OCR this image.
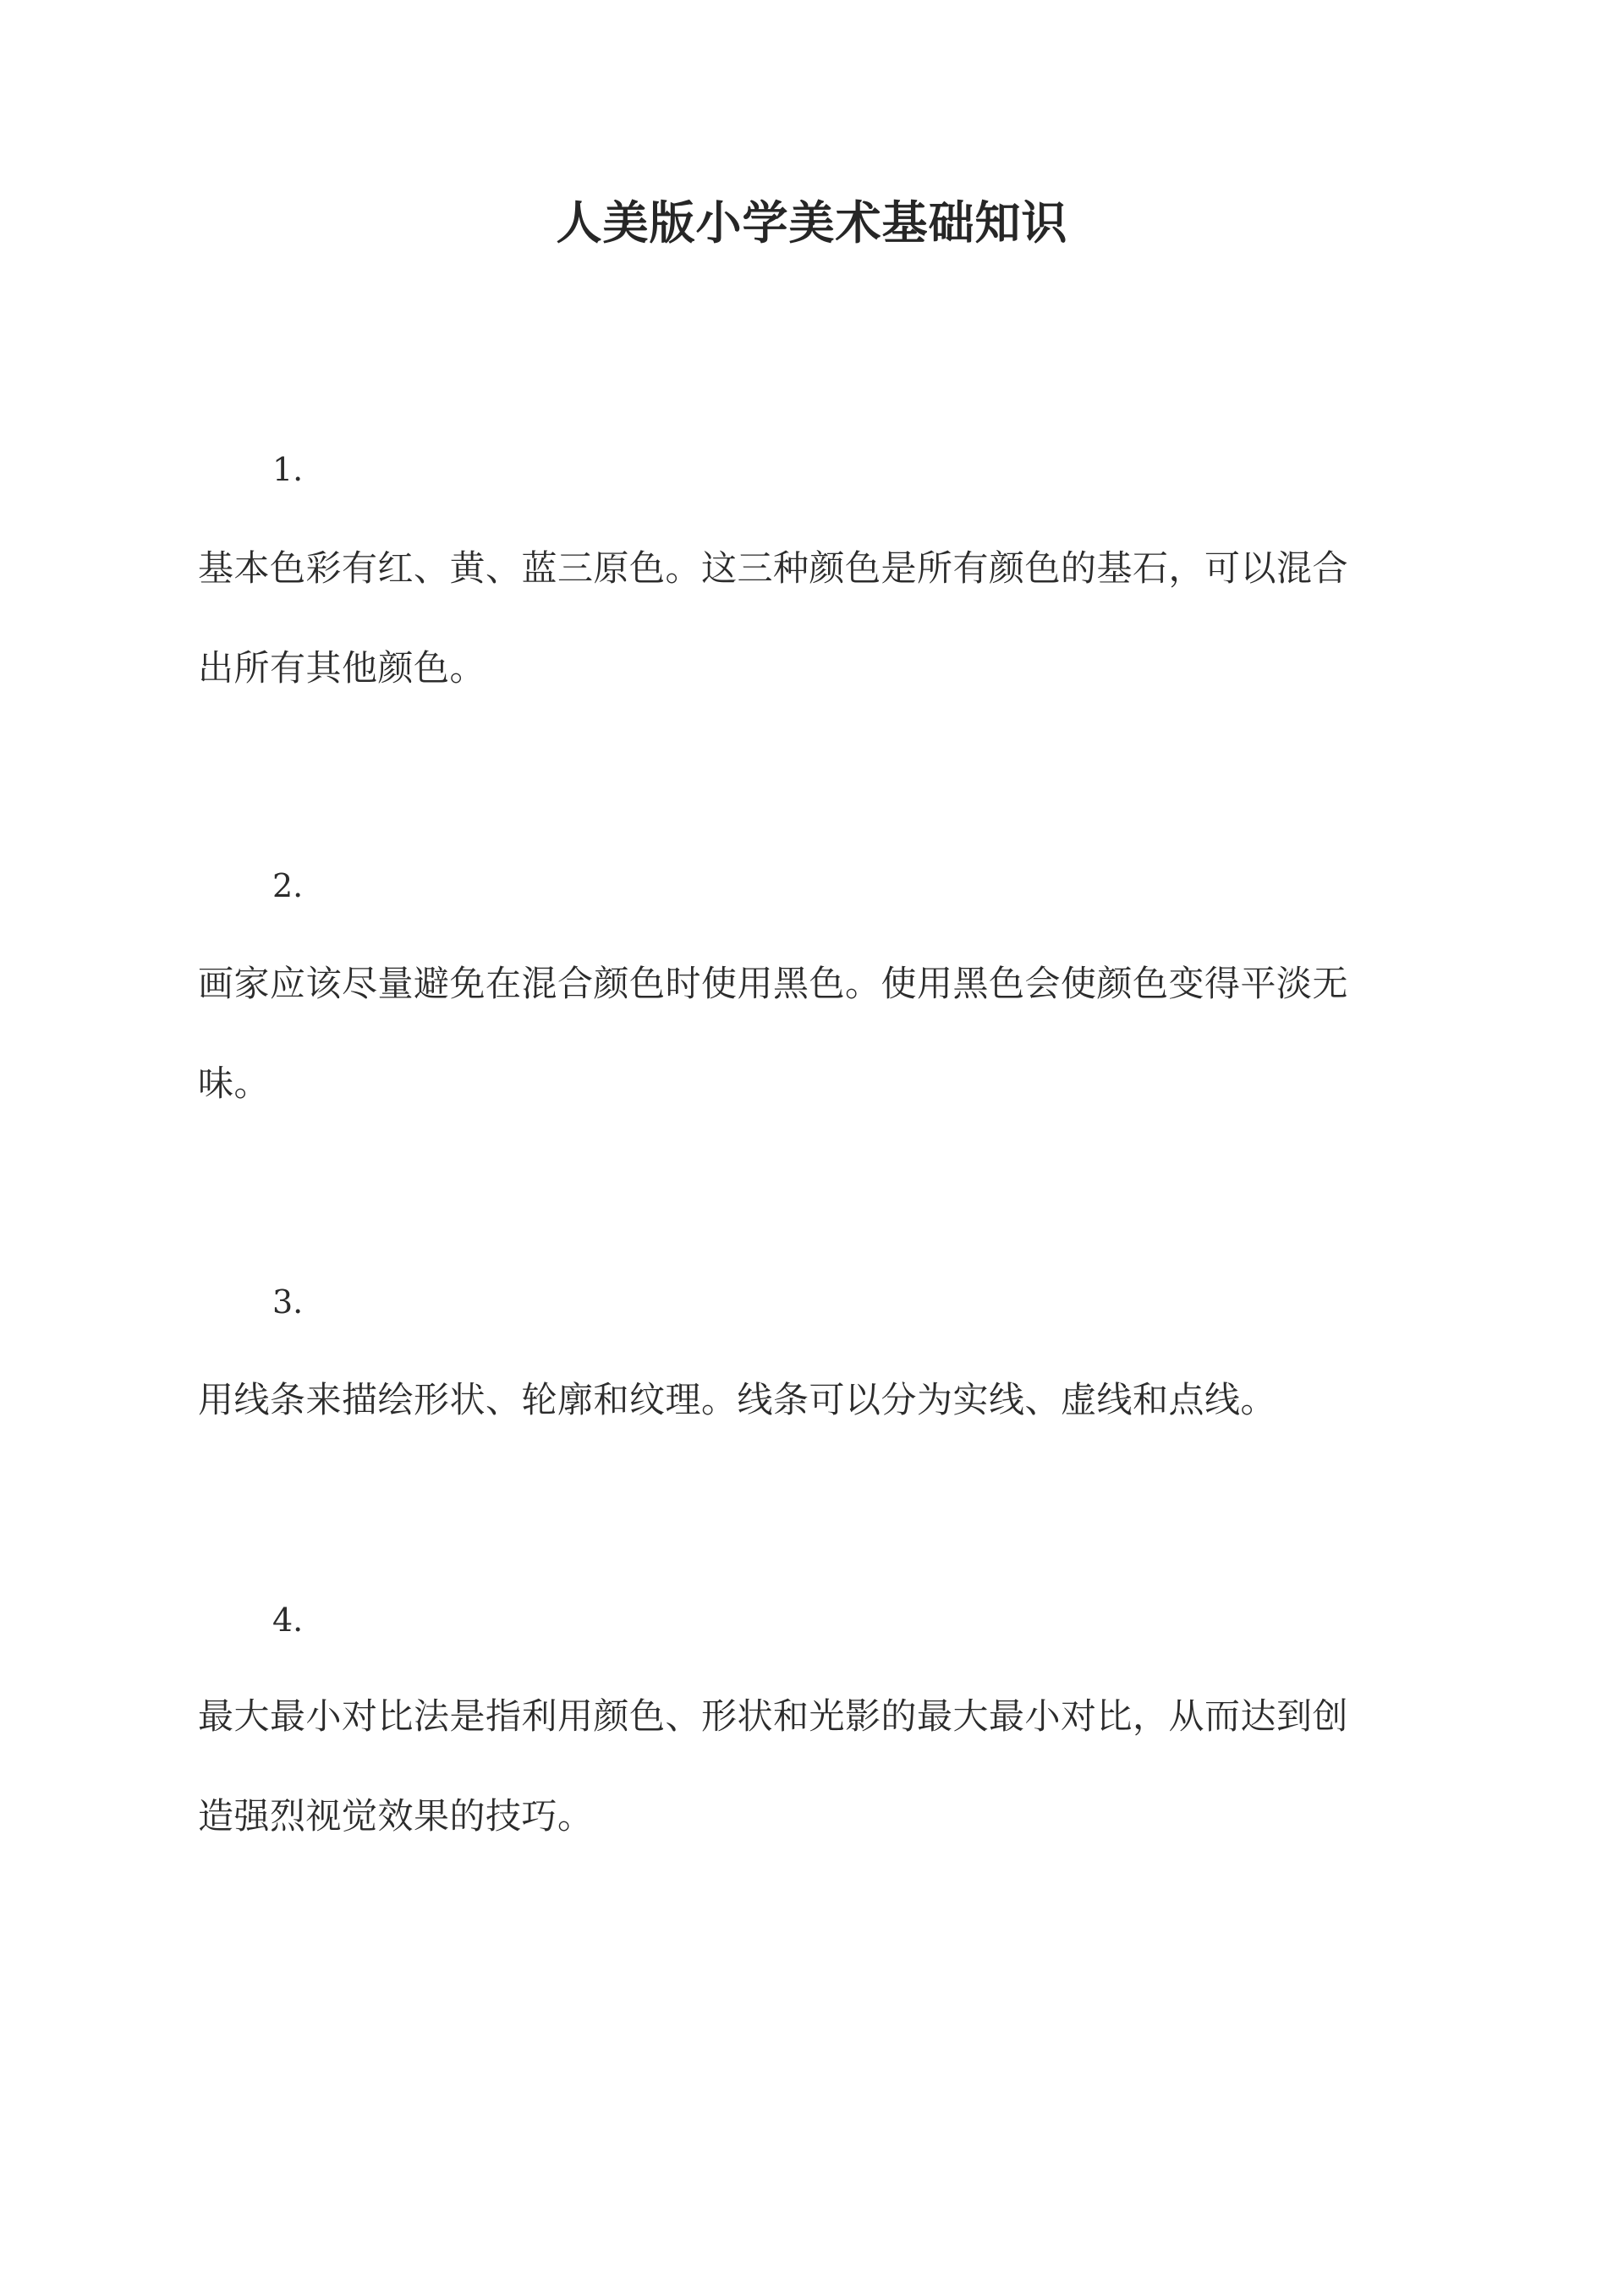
人美版小学美术基础知识
1.
基本色彩有红、黄、蓝三原色。这三种颜色是所有颜色的基石，可以混合
出所有其他颜色。
2.
画家应该尽量避免在混合颜色时使用黑色。使用黑色会使颜色变得平淡无
味。
3.
用线条来描绘形状、轮廓和纹理。线条可以分为实线、虚线和点线。
4.
最大最小对比法是指利用颜色、形状和光影的最大最小对比，从而达到创
造强烈视觉效果的技巧。
